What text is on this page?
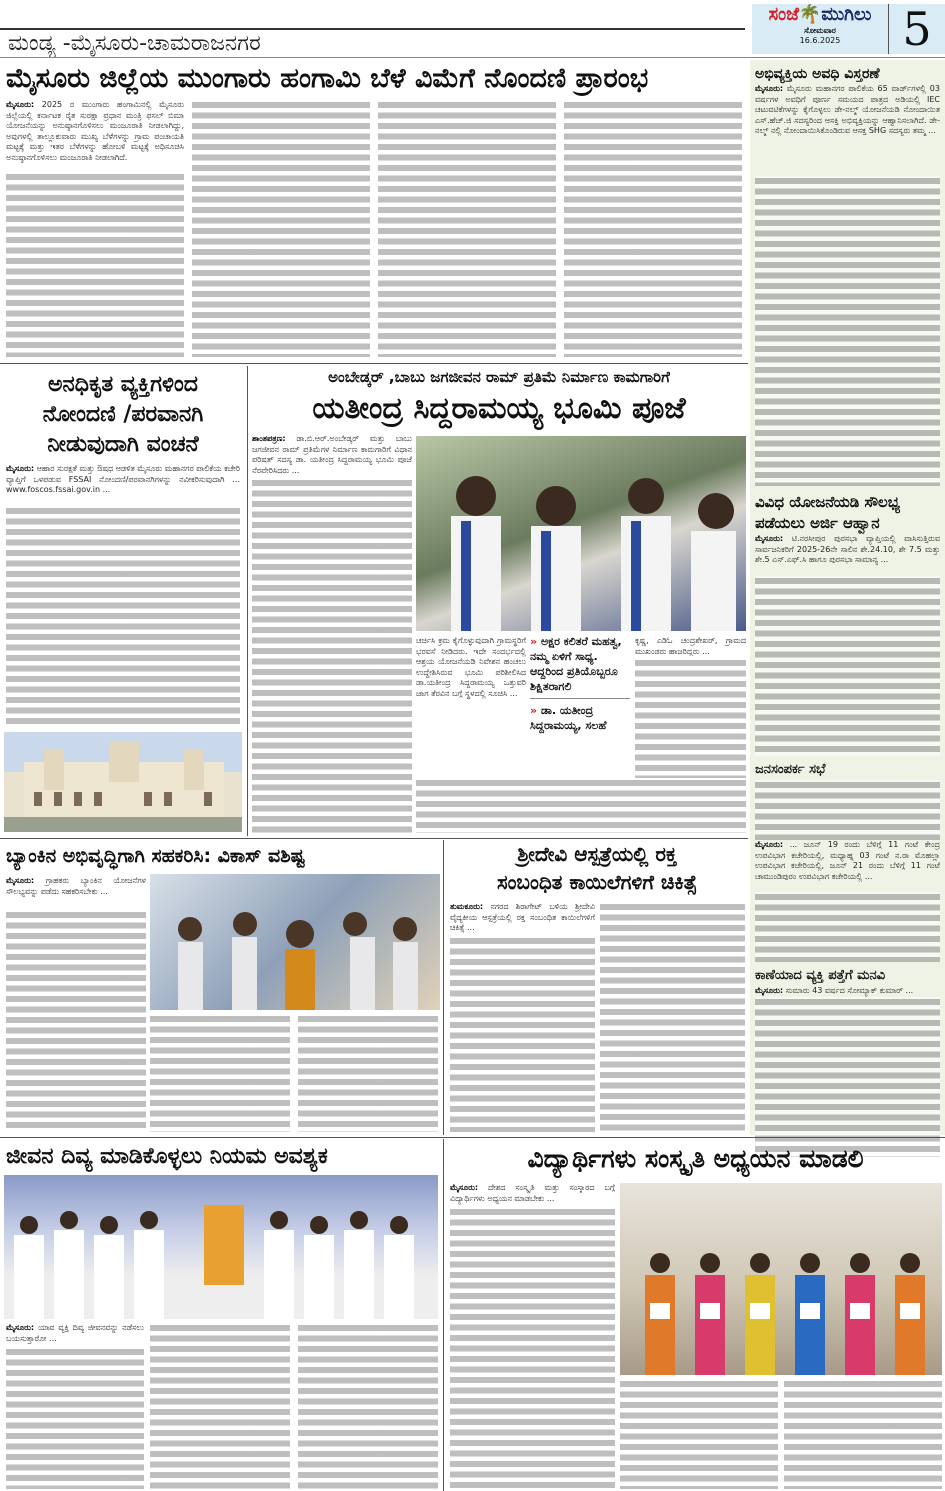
ಮಂಡ್ಯ -ಮೈಸೂರು-ಚಾಮರಾಜನಗರ
ಸಂಜೆ🌴ಮುಗಿಲು
ಸೋಮವಾರ
16.6.2025	5
ಮೈಸೂರು ಜಿಲ್ಲೆಯ ಮುಂಗಾರು ಹಂಗಾಮಿ ಬೆಳೆ ವಿಮೆಗೆ ನೊಂದಣಿ ಪ್ರಾರಂಭ
ಮೈಸೂರು: 2025 ರ ಮುಂಗಾರು ಹಂಗಾಮಿನಲ್ಲಿ ಮೈಸೂರು ಜಿಲ್ಲೆಯಲ್ಲಿ ಕರ್ನಾಟಕ ರೈತ ಸುರಕ್ಷಾ ಪ್ರಧಾನ ಮಂತ್ರಿ ಫಸಲ್ ಬಿಮಾ ಯೋಜನೆಯನ್ನು ಅನುಷ್ಠಾನಗೊಳಿಸಲು ಮಂಜೂರಾತಿ ನೀಡಲಾಗಿದ್ದು, ಅವುಗಳಲ್ಲಿ ತಾಲ್ಲೂಕುವಾರು ಮುಖ್ಯ ಬೆಳೆಗಳನ್ನು ಗ್ರಾಮ ಪಂಚಾಯತಿ ಮಟ್ಟಕ್ಕೆ ಮತ್ತು ಇತರ ಬೆಳೆಗಳನ್ನು ಹೋಬಳಿ ಮಟ್ಟಕ್ಕೆ ಅಧಿಸೂಚಿಸಿ ಅನುಷ್ಠಾನಗೊಳಿಸಲು ಮಂಜೂರಾತಿ ನೀಡಲಾಗಿದೆ.
ಅಭಿವ್ಯಕ್ತಿಯ ಅವಧಿ ವಿಸ್ತರಣೆ
ಮೈಸೂರು: ಮೈಸೂರು ಮಹಾನಗರ ಪಾಲಿಕೆಯ 65 ವಾರ್ಡ್‌ಗಳಲ್ಲಿ 03 ವರ್ಷಗಳ ಅವಧಿಗೆ ಪೂರ್ಣ ಸಮಯದ ಪಾತ್ರದ ಅಡಿಯಲ್ಲಿ IEC ಚಟುವಟಿಕೆಗಳನ್ನು ಕೈಗೊಳ್ಳಲು ಡೇ-ನಲ್ಮ್ ಯೋಜನೆಯಡಿ ನೋಂದಾಯಿತ ಎಸ್.ಹೆಚ್.ಜಿ ಸದಸ್ಯರಿಂದ ಆಸಕ್ತಿ ಅಭಿವ್ಯಕ್ತಿಯನ್ನು ಆಹ್ವಾನಿಸಲಾಗಿದೆ. ಡೇ-ನಲ್ಮ್ ನಲ್ಲಿ ನೋಂದಾಯಿಸಿಕೊಂಡಿರುವ ಆಸಕ್ತ SHG ಸದಸ್ಯರು ತಮ್ಮ ...
ವಿವಿಧ ಯೋಜನೆಯಡಿ ಸೌಲಭ್ಯ ಪಡೆಯಲು ಅರ್ಜಿ ಆಹ್ವಾನ
ಮೈಸೂರು: ಟಿ.ನರಸೀಪುರ ಪುರಸಭಾ ವ್ಯಾಪ್ತಿಯಲ್ಲಿ ವಾಸಿಸುತ್ತಿರುವ ಸಾರ್ವಜನಿಕರಿಗೆ 2025-26ನೇ ಸಾಲಿನ ಶೇ.24.10, ಶೇ 7.5 ಮತ್ತು ಶೇ.5 ಎಸ್.ಎಫ್.ಸಿ ಹಾಗೂ ಪುರಸಭಾ ಸಾಮಾನ್ಯ ...
ಜನಸಂಪರ್ಕ ಸಭೆ
ಮೈಸೂರು: ... ಜೂನ್ 19 ರಂದು ಬೆಳಿಗ್ಗೆ 11 ಗಂಟೆ ಕೇಂದ್ರ ಉಪವಿಭಾಗ ಕಚೇರಿಯಲ್ಲಿ, ಮಧ್ಯಾಹ್ನ 03 ಗಂಟೆ ನ.ರಾ ಮೊಹಲ್ಲಾ ಉಪವಿಭಾಗ ಕಚೇರಿಯಲ್ಲಿ, ಜೂನ್ 21 ರಂದು ಬೆಳಿಗ್ಗೆ 11 ಗಂಟೆ ಚಾಮುಂಡಿಪುರಂ ಉಪವಿಭಾಗ ಕಚೇರಿಯಲ್ಲಿ ...
ಕಾಣೆಯಾದ ವ್ಯಕ್ತಿ ಪತ್ತೆಗೆ ಮನವಿ
ಮೈಸೂರು: ಸುಮಾರು 43 ವರ್ಷದ ಸೋಮ್ಯಾಕ್ ಕುಮಾರ್ ...
ಅನಧಿಕೃತ ವ್ಯಕ್ತಿಗಳಿಂದ
ನೋಂದಣಿ /ಪರವಾನಗಿ
ನೀಡುವುದಾಗಿ ವಂಚನೆ
ಮೈಸೂರು: ಆಹಾರ ಸುರಕ್ಷತೆ ಮತ್ತು ಔಷಧ ಆಡಳಿತ ಮೈಸೂರು ಮಹಾನಗರ ಪಾಲಿಕೆಯ ಕಚೇರಿ ವ್ಯಾಪ್ತಿಗೆ ಒಳಪಡುವ FSSAI ನೋಂದಣಿ/ಪರವಾನಗಿಗಳನ್ನು ನವೀಕರಿಸುವುದಾಗಿ ... www.foscos.fssai.gov.in ...
ಅಂಬೇಡ್ಕರ್ ,ಬಾಬು ಜಗಜೀವನ ರಾಮ್ ಪ್ರತಿಮೆ ನಿರ್ಮಾಣ ಕಾಮಗಾರಿಗೆ
ಯತೀಂದ್ರ ಸಿದ್ದರಾಮಯ್ಯ ಭೂಮಿ ಪೂಜೆ
ಶಾಂತಪತ್ರಣ: ಡಾ.ಬಿ.ಆರ್.ಅಂಬೇಡ್ಕರ್ ಮತ್ತು ಬಾಬು ಜಗಜೀವನ ರಾಮ್ ಪ್ರತಿಮೆಗಳ ನಿರ್ಮಾಣ ಕಾಮಗಾರಿಗೆ ವಿಧಾನ ಪರಿಷತ್ ಸದಸ್ಯ ಡಾ. ಯತೀಂದ್ರ ಸಿದ್ದರಾಮಯ್ಯ ಭೂಮಿ ಪೂಜೆ ನೆರವೇರಿಸಿದರು ...
ಚರ್ಚಿಸಿ ಕ್ರಮ ಕೈಗೊಳ್ಳುವುದಾಗಿ ಗ್ರಾಮಸ್ಥರಿಗೆ ಭರವಸೆ ನೀಡಿದರು. ಇದೇ ಸಂದರ್ಭದಲ್ಲಿ ಆಶ್ರಯ ಯೋಜನೆಯಡಿ ನಿವೇಶನ ಹಂಚಲು ಉದ್ದೇಶಿಸಿರುವ ಭೂಮಿ ಪರಿಶೀಲಿಸಿದ ಡಾ.ಯತೀಂದ್ರ ಸಿದ್ದರಾಮಯ್ಯ ಒತ್ತುವರಿ ಜಾಗ ತೆರವಿನ ಬಗ್ಗೆ ಸ್ಥಳದಲ್ಲಿ ಸೂಚಿಸಿ ...
» ಅಕ್ಷರ ಕಲಿತರೆ ಮಹತ್ವ, ನಮ್ಮ ಏಳಿಗೆ ಸಾಧ್ಯ. ಆದ್ದರಿಂದ ಪ್ರತಿಯೊಬ್ಬರೂ ಶಿಕ್ಷಿತರಾಗಲಿ
» ಡಾ. ಯತೀಂದ್ರ ಸಿದ್ದರಾಮಯ್ಯ, ಸಲಹೆ
ಕೃಷ್ಣ, ಎಡಿಓ ಚಂದ್ರಶೇಖರ್, ಗ್ರಾಮದ ಮುಖಂಡರು ಹಾಜರಿದ್ದರು ...
ಬ್ಯಾಂಕಿನ ಅಭಿವೃದ್ಧಿಗಾಗಿ ಸಹಕರಿಸಿ: ವಿಕಾಸ್ ವಶಿಷ್ಟ
ಮೈಸೂರು: ಗ್ರಾಹಕರು ಬ್ಯಾಂಕಿನ ಯೋಜನೆಗಳ ಸೌಲಭ್ಯವನ್ನು ಪಡೆದು ಸಹಕರಿಸಬೇಕು ...
ಶ್ರೀದೇವಿ ಆಸ್ಪತ್ರೆಯಲ್ಲಿ ರಕ್ತ
ಸಂಬಂಧಿತ ಕಾಯಿಲೆಗಳಿಗೆ ಚಿಕಿತ್ಸೆ
ತುಮಕೂರು: ನಗರದ ಶಿರಾಗೇಟ್ ಬಳಿಯ ಶ್ರೀದೇವಿ ವೈದ್ಯಕೀಯ ಆಸ್ಪತ್ರೆಯಲ್ಲಿ ರಕ್ತ ಸಂಬಂಧಿತ ಕಾಯಿಲೆಗಳಿಗೆ ಚಿಕಿತ್ಸೆ ...
ಜೀವನ ದಿವ್ಯ ಮಾಡಿಕೊಳ್ಳಲು ನಿಯಮ ಅವಶ್ಯಕ
ಮೈಸೂರು: ಯಾವ ವ್ಯಕ್ತಿ ದಿವ್ಯ ಜೀವನವನ್ನು ನಡೆಸಲು ಬಯಸುತ್ತಾರೋ ...
ವಿದ್ಯಾರ್ಥಿಗಳು ಸಂಸ್ಕೃತಿ ಅಧ್ಯಯನ ಮಾಡಲಿ
ಮೈಸೂರು: ದೇಶದ ಸಂಸ್ಕೃತಿ ಮತ್ತು ಸಂಸ್ಕಾರದ ಬಗ್ಗೆ ವಿದ್ಯಾರ್ಥಿಗಳು ಅಧ್ಯಯನ ಮಾಡಬೇಕು ...
